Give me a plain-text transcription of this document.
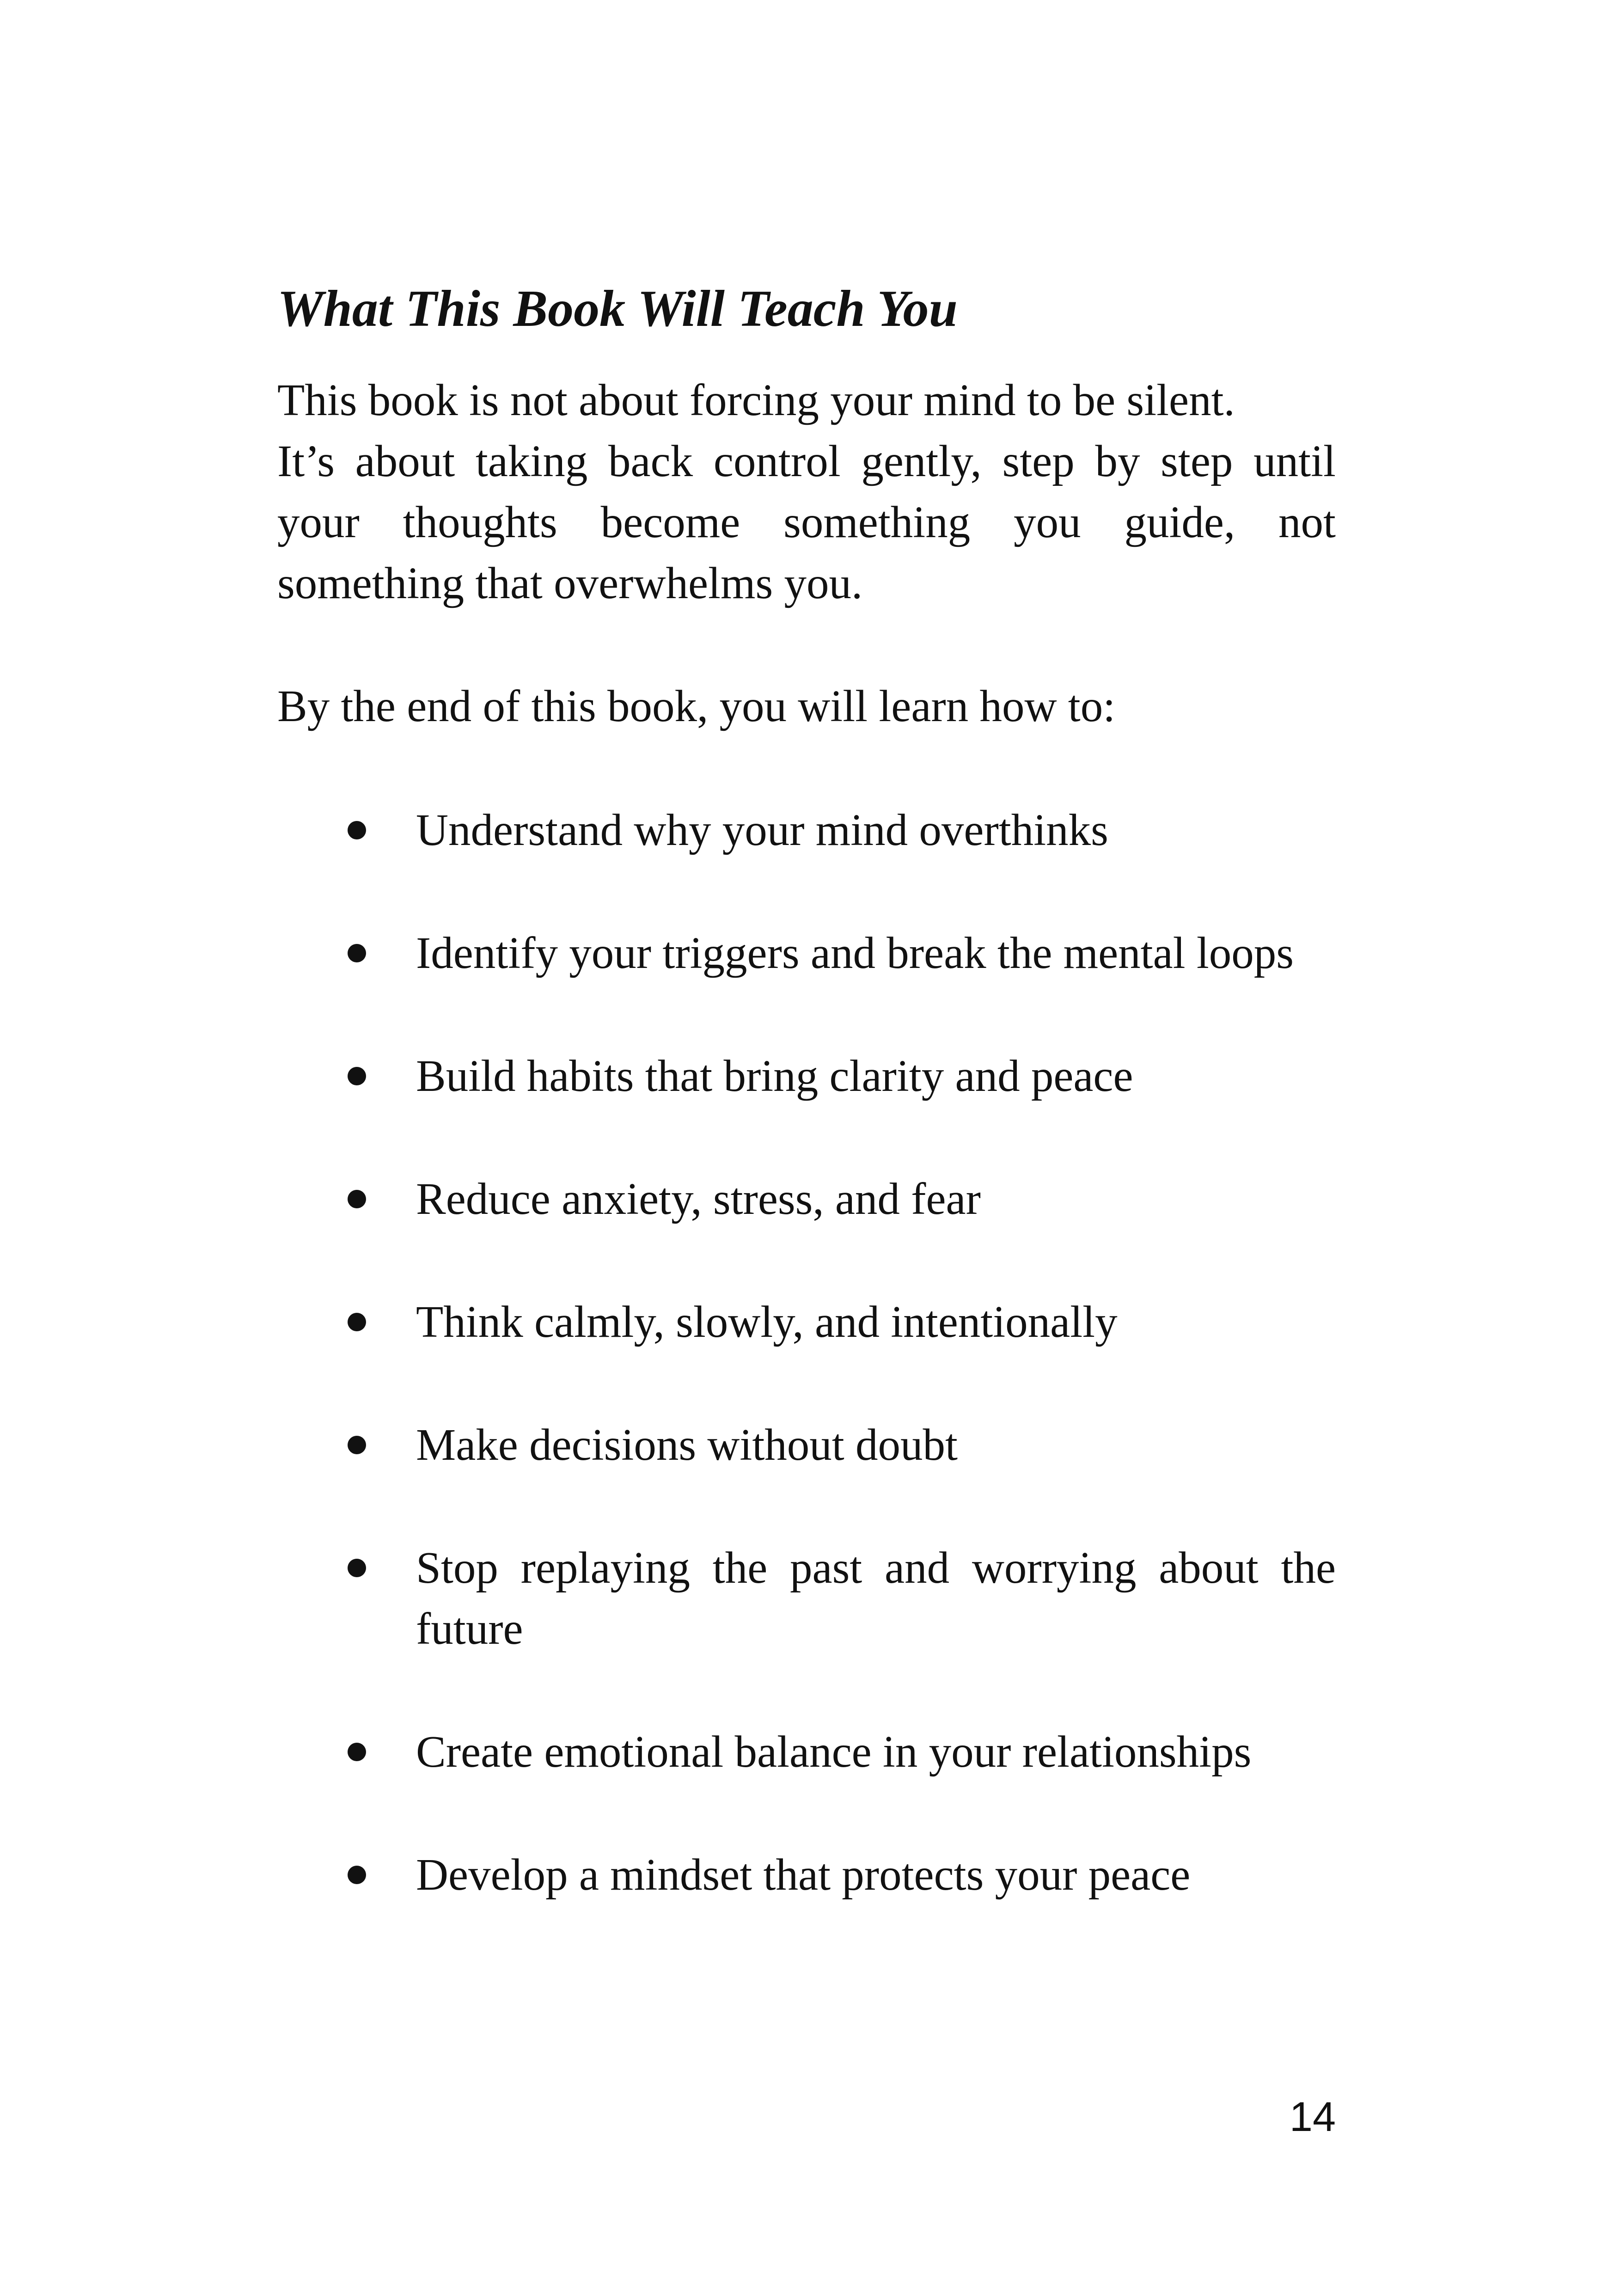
What This Book Will Teach You

This book is not about forcing your mind to be silent.

It’s about taking back control gently, step by step until

your thoughts become something you guide, not

something that overwhelms you.

By the end of this book, you will learn how to:

Understand why your mind overthinks
Identify your triggers and break the mental loops
Build habits that bring clarity and peace
Reduce anxiety, stress, and fear
Think calmly, slowly, and intentionally
Make decisions without doubt
Stop replaying the past and worrying about the
future
Create emotional balance in your relationships
Develop a mindset that protects your peace
14
